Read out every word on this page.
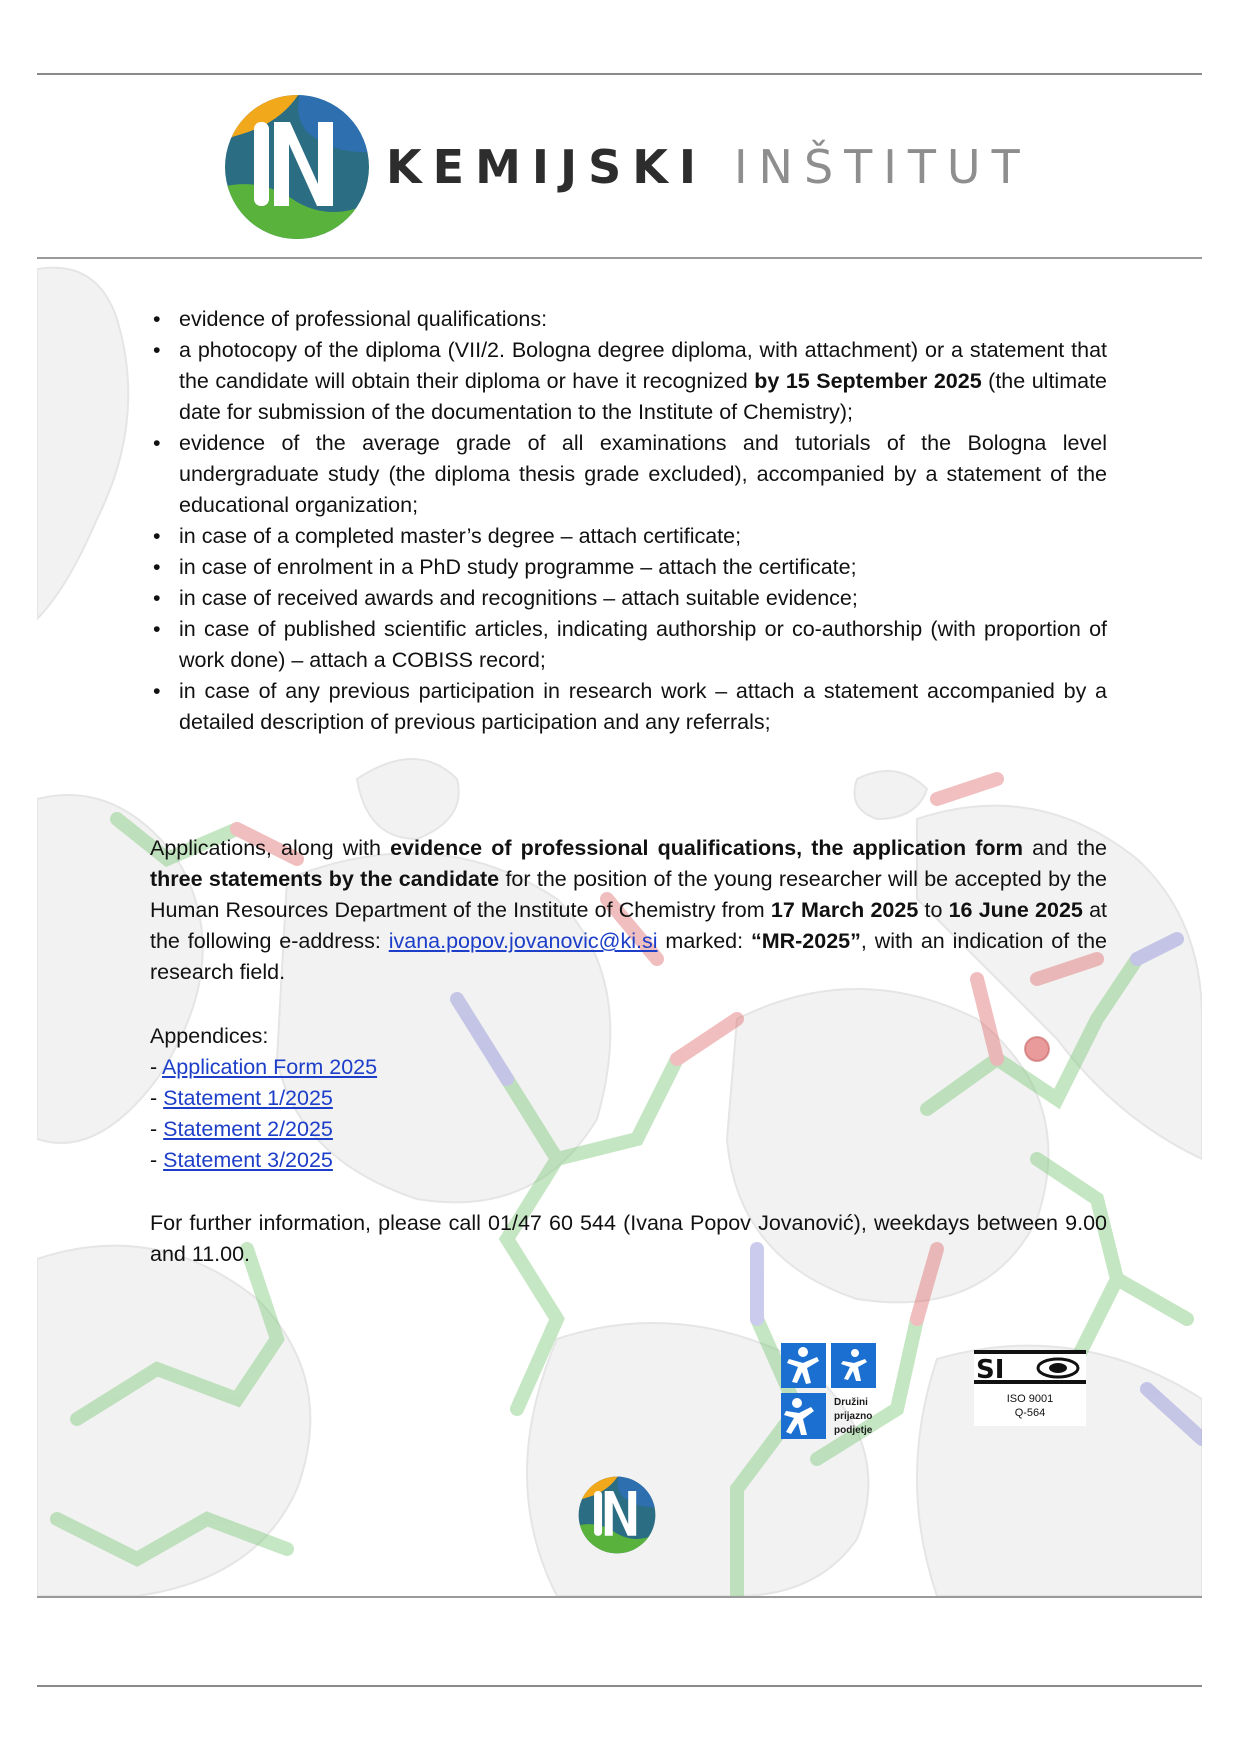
KEMIJSKI INŠTITUT

• evidence of professional qualifications:
• a photocopy of the diploma (VII/2. Bologna degree diploma, with attachment) or a statement that the candidate will obtain their diploma or have it recognized by 15 September 2025 (the ultimate date for submission of the documentation to the Institute of Chemistry);
• evidence of the average grade of all examinations and tutorials of the Bologna level undergraduate study (the diploma thesis grade excluded), accompanied by a statement of the educational organization;
• in case of a completed master’s degree – attach certificate;
• in case of enrolment in a PhD study programme – attach the certificate;
• in case of received awards and recognitions – attach suitable evidence;
• in case of published scientific articles, indicating authorship or co-authorship (with proportion of work done) – attach a COBISS record;
• in case of any previous participation in research work – attach a statement accompanied by a detailed description of previous participation and any referrals;

Applications, along with evidence of professional qualifications, the application form and the three statements by the candidate for the position of the young researcher will be accepted by the Human Resources Department of the Institute of Chemistry from 17 March 2025 to 16 June 2025 at the following e-address: ivana.popov.jovanovic@ki.si marked: “MR-2025”, with an indication of the research field.

Appendices:
- Application Form 2025
- Statement 1/2025
- Statement 2/2025
- Statement 3/2025

For further information, please call 01/47 60 544 (Ivana Popov Jovanović), weekdays between 9.00 and 11.00.

Družini
prijazno
podjetje
SI
ISO 9001
Q-564
